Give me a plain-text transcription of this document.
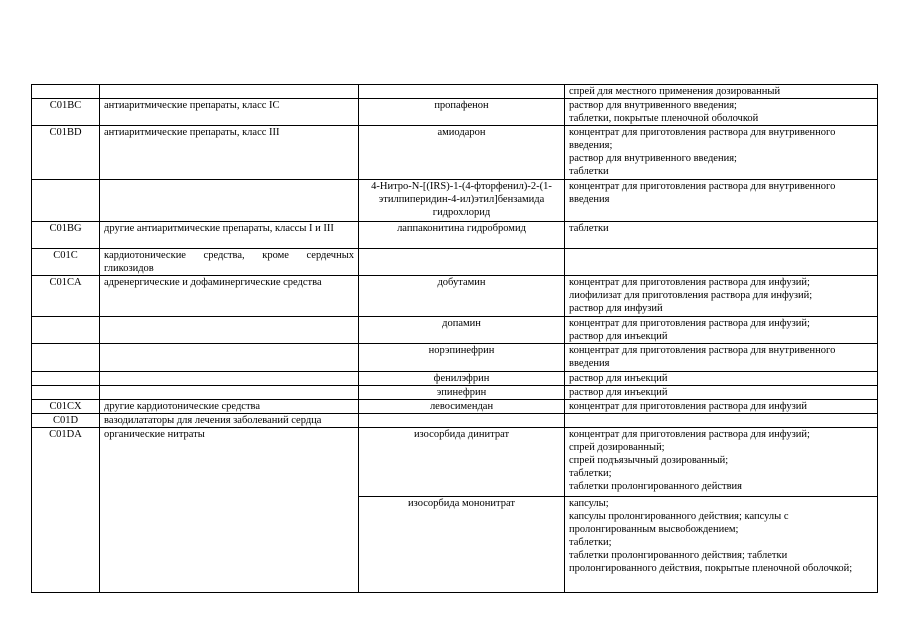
			спрей для местного применения дозированный

C01BC	антиаритмические препараты, класс IC	пропафенон	раствор для внутривенного введения;
таблетки, покрытые пленочной оболочкой

C01BD	антиаритмические препараты, класс III	амиодарон	концентрат для приготовления раствора для внутривенного введения;
раствор для внутривенного введения;
таблетки

		4-Нитро-N-[(IRS)-1-(4-фторфенил)-2-(1-этилпиперидин-4-ил)этил]бензамида гидрохлорид	концентрат для приготовления раствора для внутривенного введения

C01BG	другие антиаритмические препараты, классы I и III	лаппаконитина гидробромид	таблетки

C01C	кардиотонические средства, кроме сердечных гликозидов		
C01CA	адренергические и дофаминергические средства	добутамин	концентрат для приготовления раствора для инфузий;
лиофилизат для приготовления раствора для инфузий;
раствор для инфузий

		допамин	концентрат для приготовления раствора для инфузий;
раствор для инъекций

		норэпинефрин	концентрат для приготовления раствора для внутривенного введения

		фенилэфрин	раствор для инъекций

		эпинефрин	раствор для инъекций

C01CX	другие кардиотонические средства	левосимендан	концентрат для приготовления раствора для инфузий

C01D	вазодилататоры для лечения заболеваний сердца		
C01DA	органические нитраты	изосорбида динитрат	концентрат для приготовления раствора для инфузий;
спрей дозированный;
спрей подъязычный дозированный;
таблетки;
таблетки пролонгированного действия

		изосорбида мононитрат	капсулы;
капсулы пролонгированного действия; капсулы с пролонгированным высвобождением;
таблетки;
таблетки пролонгированного действия; таблетки пролонгированного действия, покрытые пленочной оболочкой;
